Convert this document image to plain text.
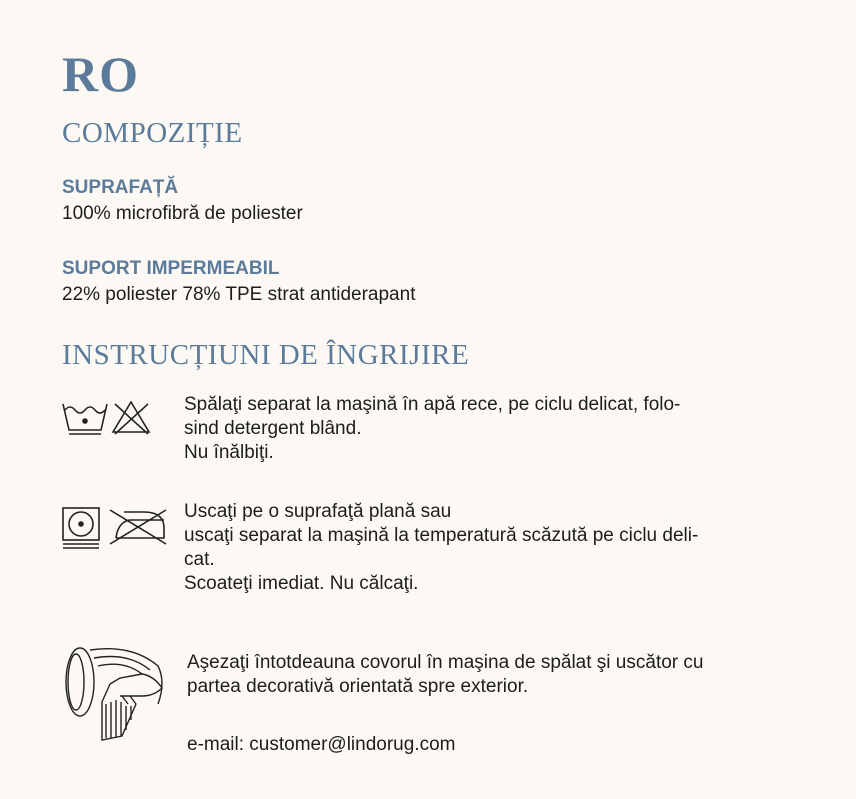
RO
COMPOZIȚIE
SUPRAFAȚĂ
100% microfibră de poliester
SUPORT IMPERMEABIL
22% poliester 78% TPE strat antiderapant
INSTRUCȚIUNI DE ÎNGRIJIRE
Spălaţi separat la maşină în apă rece, pe ciclu delicat, folo-
sind detergent blând.
Nu înălbiţi.
Uscaţi pe o suprafaţă plană sau
uscaţi separat la maşină la temperatură scăzută pe ciclu deli-
cat.
Scoateţi imediat. Nu călcaţi.
Aşezaţi întotdeauna covorul în maşina de spălat şi uscător cu
partea decorativă orientată spre exterior.
e-mail: customer@lindorug.com
